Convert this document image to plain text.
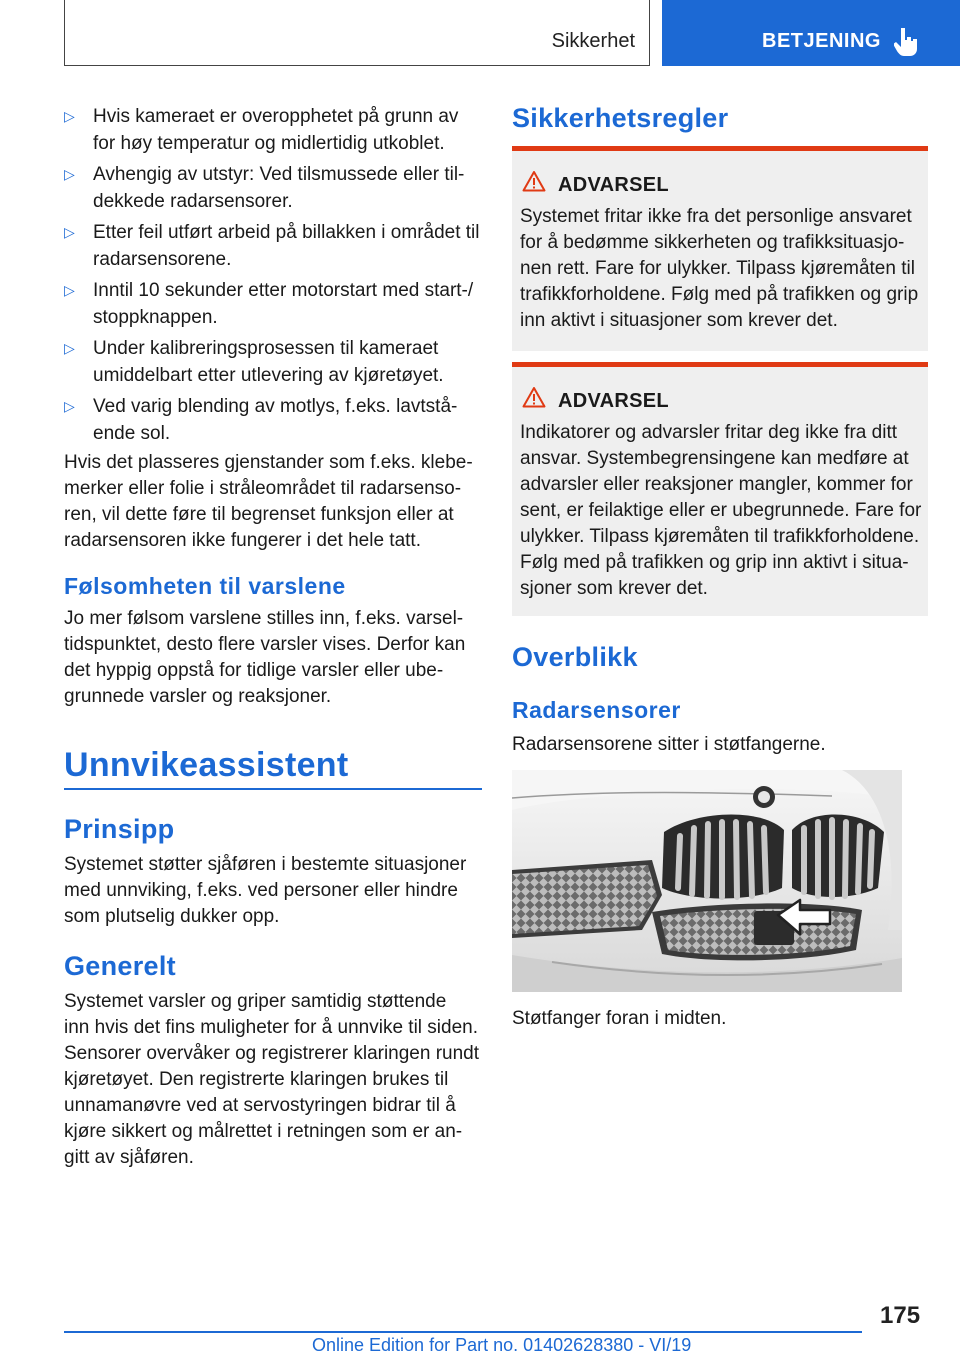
Sikkerhet	BETJENING
▷ Hvis kameraet er overopphetet på grunn av
for høy temperatur og midlertidig utkoblet.
▷ Avhengig av utstyr: Ved tilsmussede eller til‐
dekkede radarsensorer.
▷ Etter feil utført arbeid på billakken i området til
radarsensorene.
▷ Inntil 10 sekunder etter motorstart med start-/
stoppknappen.
▷ Under kalibreringsprosessen til kameraet
umiddelbart etter utlevering av kjøretøyet.
▷ Ved varig blending av motlys, f.eks. lavtstå‐
ende sol.
Hvis det plasseres gjenstander som f.eks. klebe‐
merker eller folie i stråleområdet til radarsenso‐
ren, vil dette føre til begrenset funksjon eller at
radarsensoren ikke fungerer i det hele tatt.
Følsomheten til varslene
Jo mer følsom varslene stilles inn, f.eks. varsel‐
tidspunktet, desto flere varsler vises. Derfor kan
det hyppig oppstå for tidlige varsler eller ube‐
grunnede varsler og reaksjoner.
Unnvikeassistent
Prinsipp
Systemet støtter sjåføren i bestemte situasjoner
med unnviking, f.eks. ved personer eller hindre
som plutselig dukker opp.
Generelt
Systemet varsler og griper samtidig støttende
inn hvis det fins muligheter for å unnvike til siden.
Sensorer overvåker og registrerer klaringen rundt
kjøretøyet. Den registrerte klaringen brukes til
unnamanøvre ved at servostyringen bidrar til å
kjøre sikkert og målrettet i retningen som er an‐
gitt av sjåføren.
Sikkerhetsregler
ADVARSEL
Systemet fritar ikke fra det personlige ansvaret
for å bedømme sikkerheten og trafikksituasjo‐
nen rett. Fare for ulykker. Tilpass kjøremåten til
trafikkforholdene. Følg med på trafikken og grip
inn aktivt i situasjoner som krever det.
ADVARSEL
Indikatorer og advarsler fritar deg ikke fra ditt
ansvar. Systembegrensingene kan medføre at
advarsler eller reaksjoner mangler, kommer for
sent, er feilaktige eller er ubegrunnede. Fare for
ulykker. Tilpass kjøremåten til trafikkforholdene.
Følg med på trafikken og grip inn aktivt i situa‐
sjoner som krever det.
Overblikk
Radarsensorer
Radarsensorene sitter i støtfangerne.
Støtfanger foran i midten.
175
Online Edition for Part no. 01402628380 - VI/19
